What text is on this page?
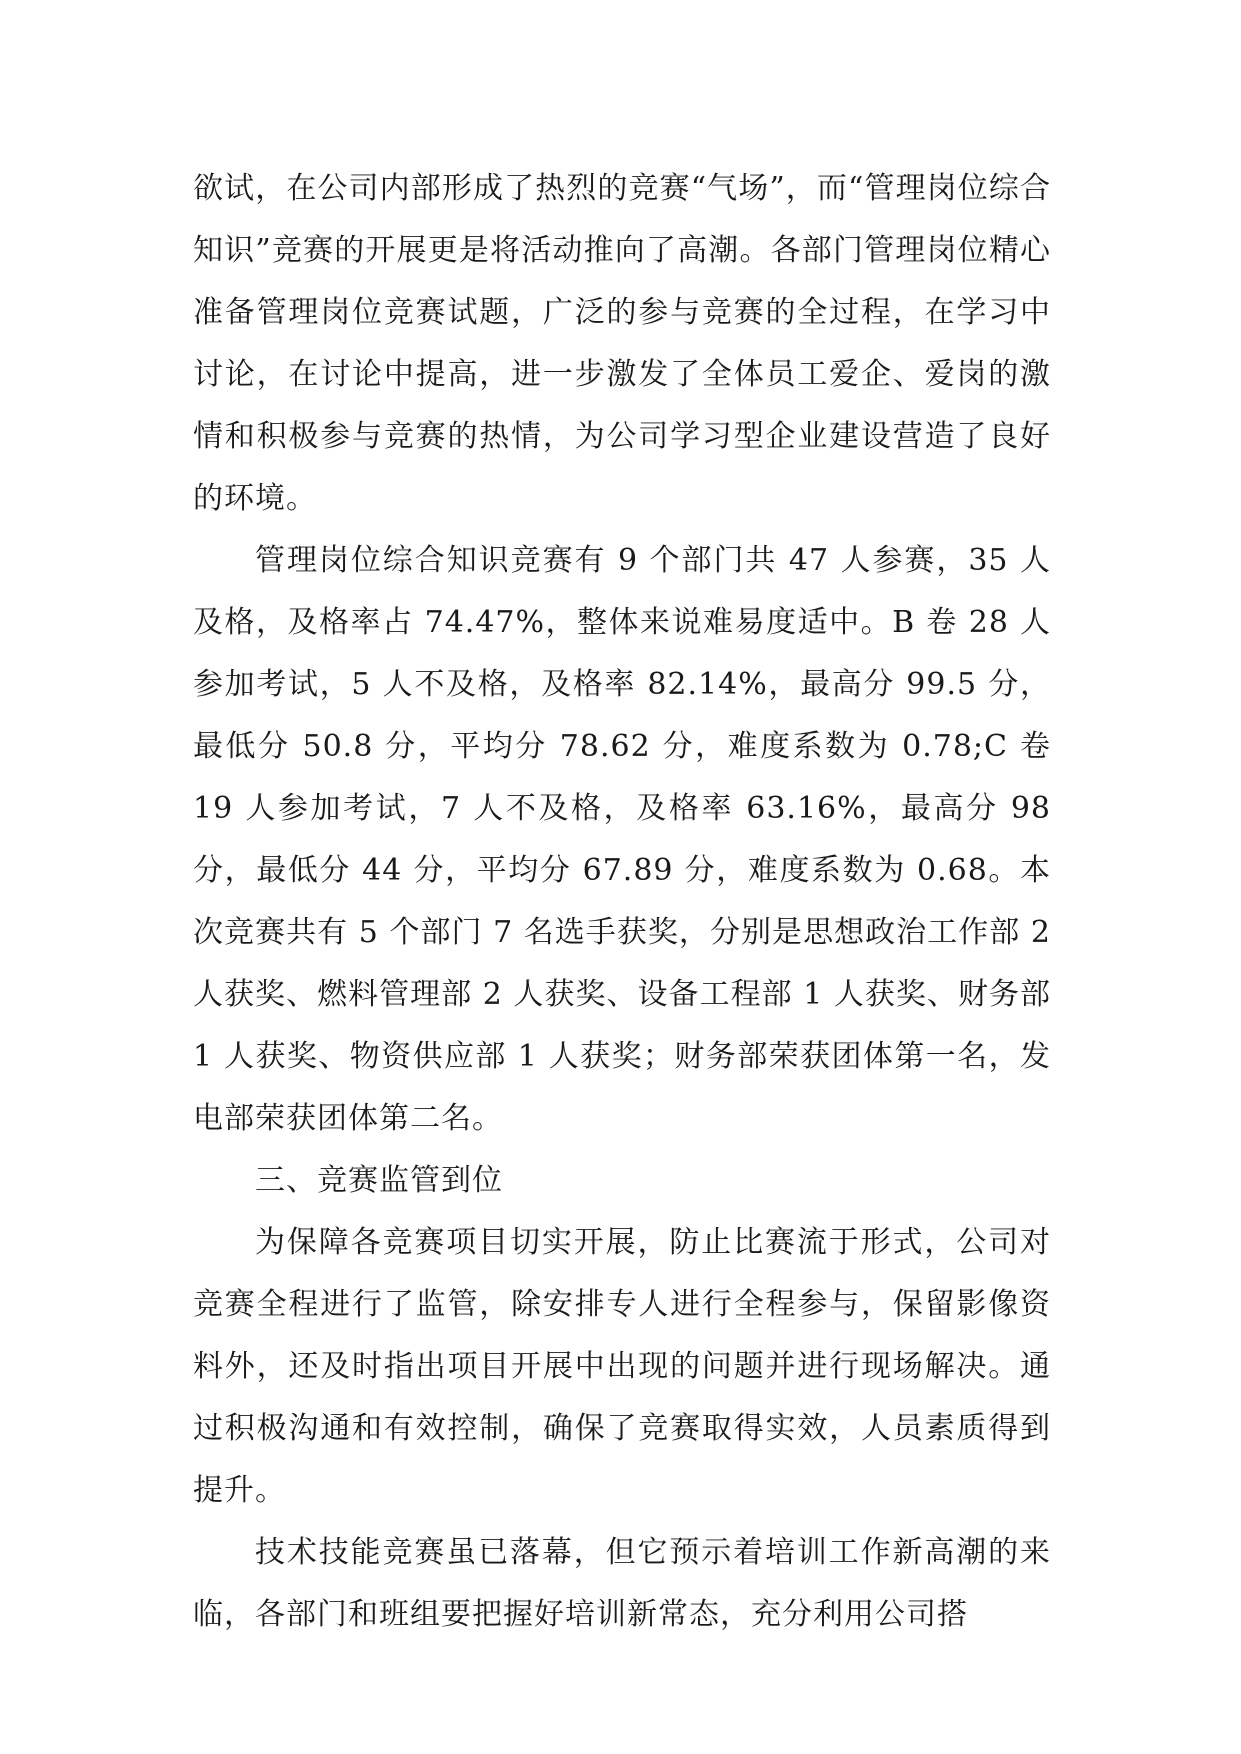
欲试，在公司内部形成了热烈的竞赛“气场”，而“管理岗位综合知识”竞赛的开展更是将活动推向了高潮。各部门管理岗位精心准备管理岗位竞赛试题，广泛的参与竞赛的全过程，在学习中讨论，在讨论中提高，进一步激发了全体员工爱企、爱岗的激情和积极参与竞赛的热情，为公司学习型企业建设营造了良好的环境。

管理岗位综合知识竞赛有 9 个部门共 47 人参赛，35 人及格，及格率占 74.47%，整体来说难易度适中。B 卷 28 人参加考试，5 人不及格，及格率 82.14%，最高分 99.5 分，最低分 50.8 分，平均分 78.62 分，难度系数为 0.78;C 卷 19 人参加考试，7 人不及格，及格率 63.16%，最高分 98 分，最低分 44 分，平均分 67.89 分，难度系数为 0.68。本次竞赛共有 5 个部门 7 名选手获奖，分别是思想政治工作部 2 人获奖、燃料管理部 2 人获奖、设备工程部 1 人获奖、财务部 1 人获奖、物资供应部 1 人获奖；财务部荣获团体第一名，发电部荣获团体第二名。

三、竞赛监管到位

为保障各竞赛项目切实开展，防止比赛流于形式，公司对竞赛全程进行了监管，除安排专人进行全程参与，保留影像资料外，还及时指出项目开展中出现的问题并进行现场解决。通过积极沟通和有效控制，确保了竞赛取得实效，人员素质得到提升。

技术技能竞赛虽已落幕，但它预示着培训工作新高潮的来临，各部门和班组要把握好培训新常态，充分利用公司搭
